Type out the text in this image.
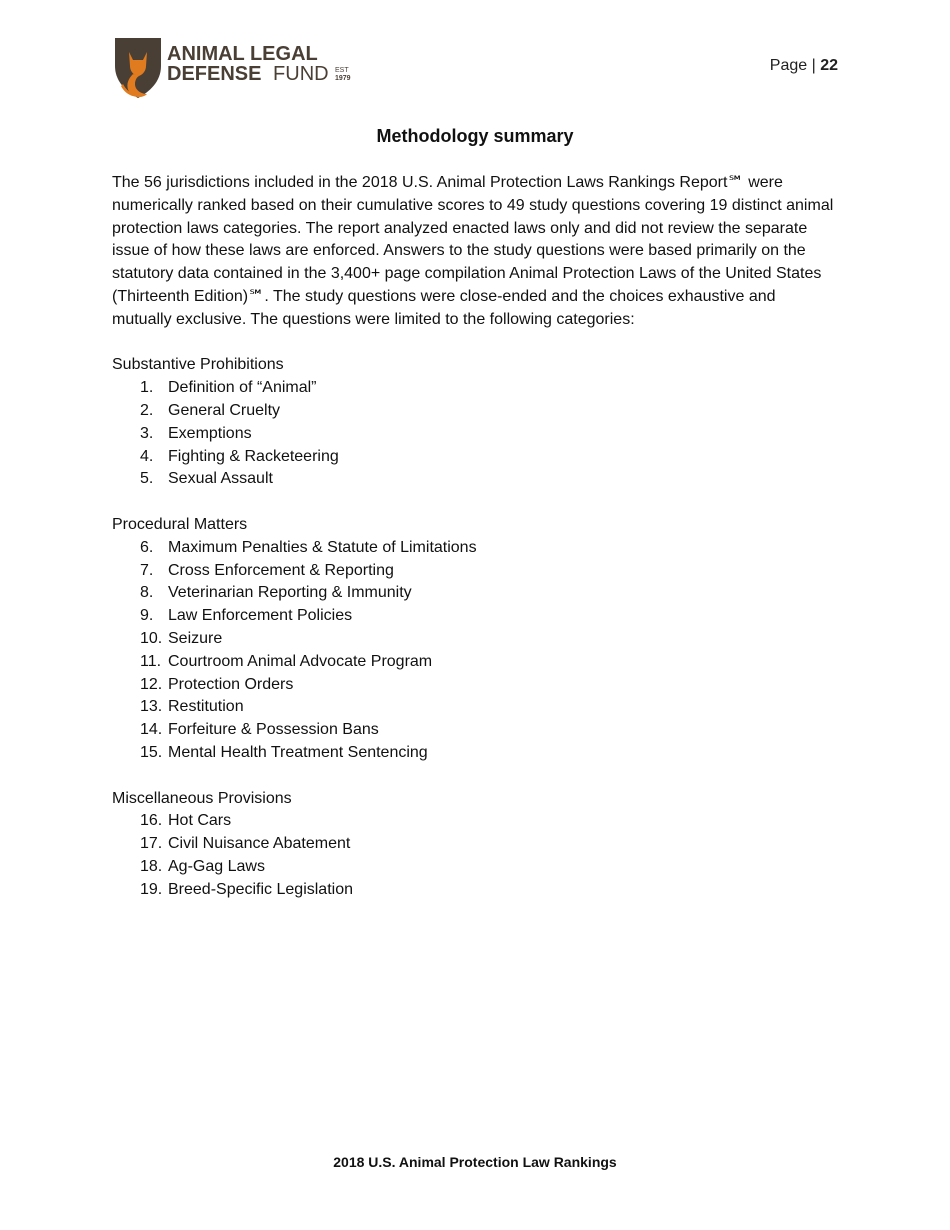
ANIMAL LEGAL
DEFENSE FUND EST
1979
Page | 22
Methodology summary

The 56 jurisdictions included in the 2018 U.S. Animal Protection Laws Rankings Report℠ were numerically ranked based on their cumulative scores to 49 study questions covering 19 distinct animal protection laws categories. The report analyzed enacted laws only and did not review the separate issue of how these laws are enforced. Answers to the study questions were based primarily on the statutory data contained in the 3,400+ page compilation Animal Protection Laws of the United States (Thirteenth Edition)℠. The study questions were close-ended and the choices exhaustive and mutually exclusive. The questions were limited to the following categories:

Substantive Prohibitions

1. Definition of “Animal”
2. General Cruelty
3. Exemptions
4. Fighting & Racketeering
5. Sexual Assault

Procedural Matters

6. Maximum Penalties & Statute of Limitations
7. Cross Enforcement & Reporting
8. Veterinarian Reporting & Immunity
9. Law Enforcement Policies
10. Seizure
11. Courtroom Animal Advocate Program
12. Protection Orders
13. Restitution
14. Forfeiture & Possession Bans
15. Mental Health Treatment Sentencing

Miscellaneous Provisions

16. Hot Cars
17. Civil Nuisance Abatement
18. Ag-Gag Laws
19. Breed-Specific Legislation
2018 U.S. Animal Protection Law Rankings
